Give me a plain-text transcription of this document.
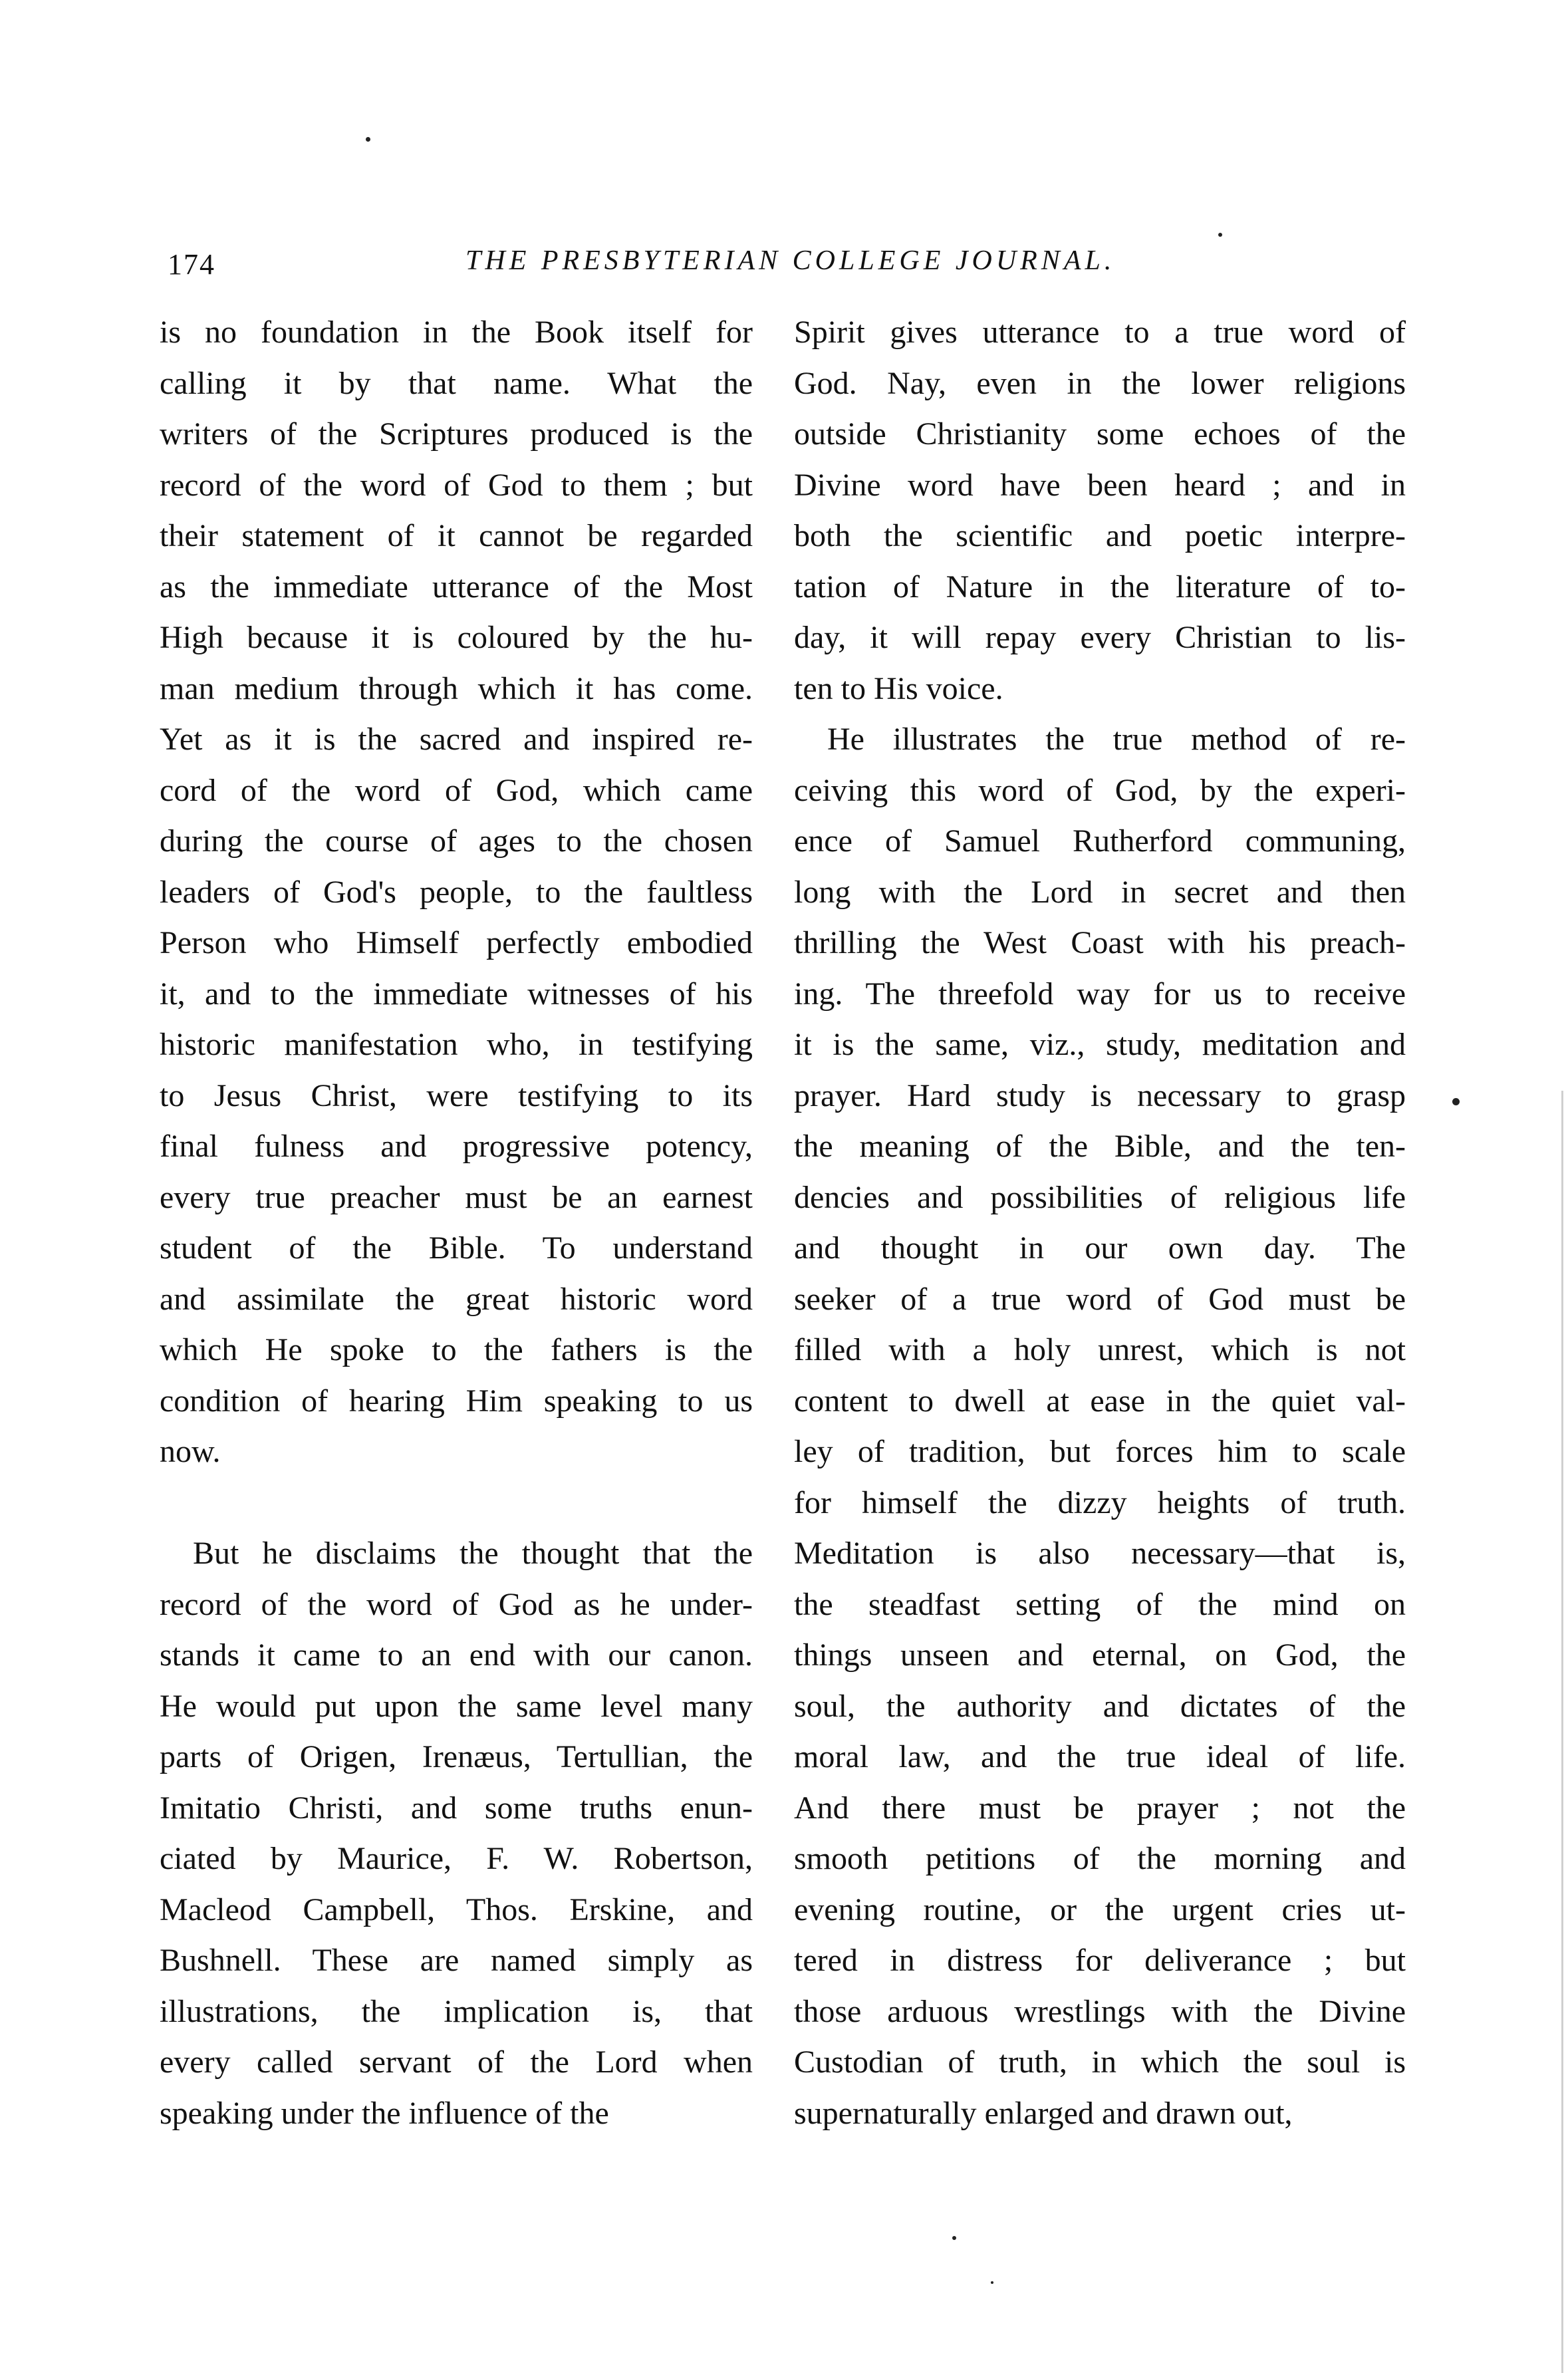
174	THE PRESBYTERIAN COLLEGE JOURNAL.
is no foundation in the Book itself for
calling it by that name. What the
writers of the Scriptures produced is the
record of the word of God to them ; but
their statement of it cannot be regarded
as the immediate utterance of the Most
High because it is coloured by the hu-
man medium through which it has come.
Yet as it is the sacred and inspired re-
cord of the word of God, which came
during the course of ages to the chosen
leaders of God's people, to the faultless
Person who Himself perfectly embodied
it, and to the immediate witnesses of his
historic manifestation who, in testifying
to Jesus Christ, were testifying to its
final fulness and progressive potency,
every true preacher must be an earnest
student of the Bible. To understand
and assimilate the great historic word
which He spoke to the fathers is the
condition of hearing Him speaking to us
now.
But he disclaims the thought that the
record of the word of God as he under-
stands it came to an end with our canon.
He would put upon the same level many
parts of Origen, Irenæus, Tertullian, the
Imitatio Christi, and some truths enun-
ciated by Maurice, F. W. Robertson,
Macleod Campbell, Thos. Erskine, and
Bushnell. These are named simply as
illustrations, the implication is, that
every called servant of the Lord when
speaking under the influence of the
Spirit gives utterance to a true word of
God. Nay, even in the lower religions
outside Christianity some echoes of the
Divine word have been heard ; and in
both the scientific and poetic interpre-
tation of Nature in the literature of to-
day, it will repay every Christian to lis-
ten to His voice.
He illustrates the true method of re-
ceiving this word of God, by the experi-
ence of Samuel Rutherford communing,
long with the Lord in secret and then
thrilling the West Coast with his preach-
ing. The threefold way for us to receive
it is the same, viz., study, meditation and
prayer. Hard study is necessary to grasp
the meaning of the Bible, and the ten-
dencies and possibilities of religious life
and thought in our own day. The
seeker of a true word of God must be
filled with a holy unrest, which is not
content to dwell at ease in the quiet val-
ley of tradition, but forces him to scale
for himself the dizzy heights of truth.
Meditation is also necessary—that is,
the steadfast setting of the mind on
things unseen and eternal, on God, the
soul, the authority and dictates of the
moral law, and the true ideal of life.
And there must be prayer ; not the
smooth petitions of the morning and
evening routine, or the urgent cries ut-
tered in distress for deliverance ; but
those arduous wrestlings with the Divine
Custodian of truth, in which the soul is
supernaturally enlarged and drawn out,
